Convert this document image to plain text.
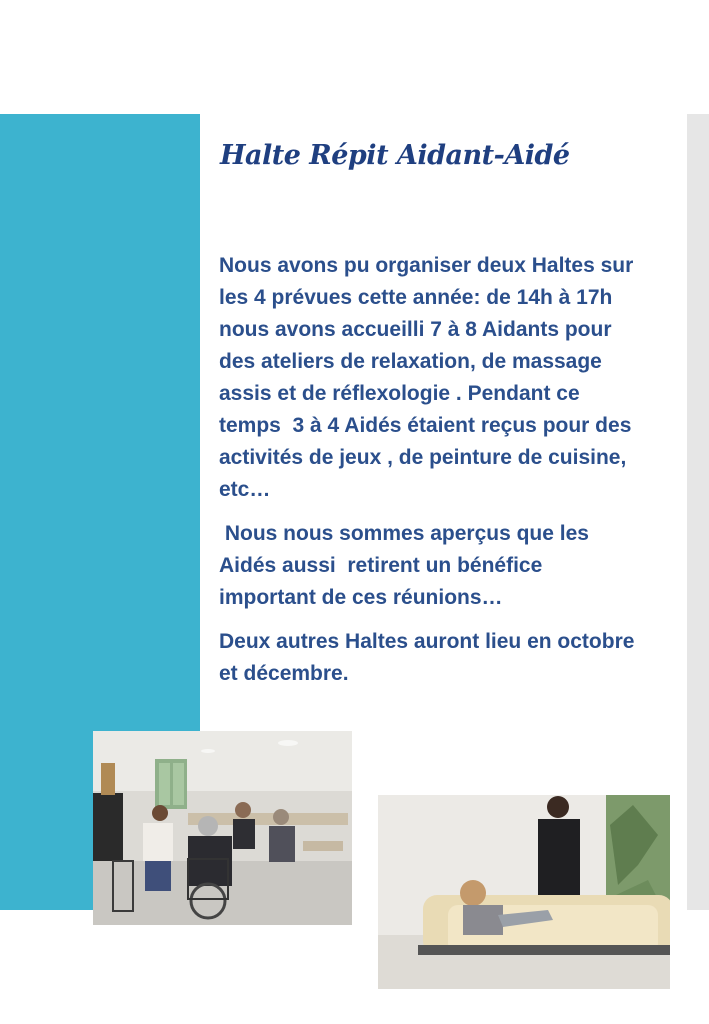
Halte Répit Aidant-Aidé

Nous avons pu organiser deux Haltes sur les 4 prévues cette année: de 14h à 17h nous avons accueilli 7 à 8 Aidants pour des ateliers de relaxation, de massage assis et de réflexologie . Pendant ce temps  3 à 4 Aidés étaient reçus pour des activités de jeux , de peinture de cuisine, etc…

Nous nous sommes aperçus que les Aidés aussi  retirent un bénéfice important de ces réunions…

Deux autres Haltes auront lieu en octobre et décembre.
